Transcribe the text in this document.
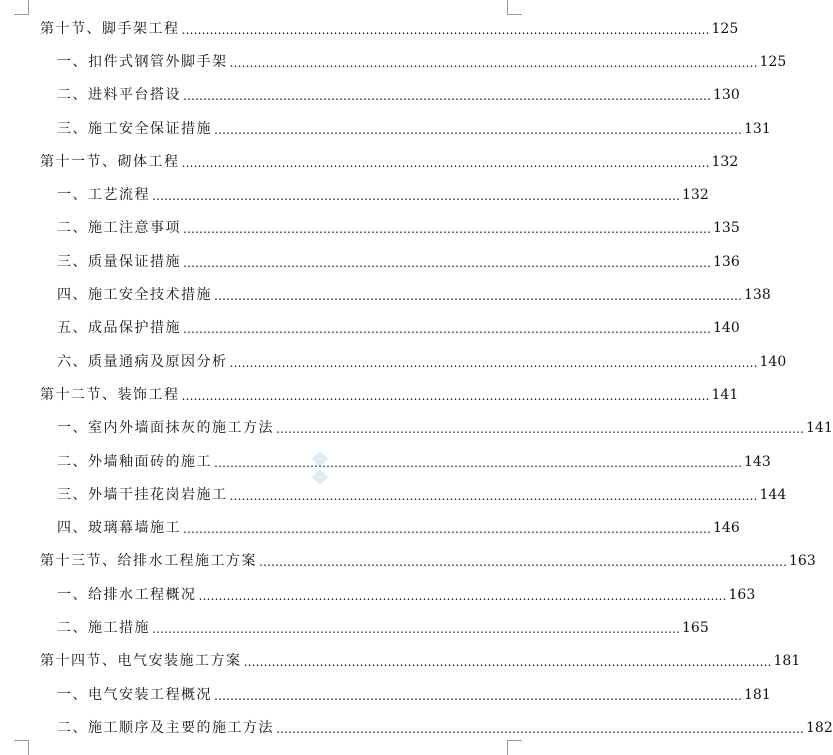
第十节、脚手架工程 …………………………………………………………………………………………………………………… 125
一、扣件式钢管外脚手架 …………………………………………………………………………………………………………………… 125
二、进料平台搭设 …………………………………………………………………………………………………………………… 130
三、施工安全保证措施 …………………………………………………………………………………………………………………… 131
第十一节、砌体工程 …………………………………………………………………………………………………………………… 132
一、工艺流程 …………………………………………………………………………………………………………………… 132
二、施工注意事项 …………………………………………………………………………………………………………………… 135
三、质量保证措施 …………………………………………………………………………………………………………………… 136
四、施工安全技术措施 …………………………………………………………………………………………………………………… 138
五、成品保护措施 …………………………………………………………………………………………………………………… 140
六、质量通病及原因分析 …………………………………………………………………………………………………………………… 140
第十二节、装饰工程 …………………………………………………………………………………………………………………… 141
一、室内外墙面抹灰的施工方法 …………………………………………………………………………………………………………………… 141
二、外墙釉面砖的施工 …………………………………………………………………………………………………………………… 143
三、外墙干挂花岗岩施工 …………………………………………………………………………………………………………………… 144
四、玻璃幕墙施工 …………………………………………………………………………………………………………………… 146
第十三节、给排水工程施工方案 …………………………………………………………………………………………………………………… 163
一、给排水工程概况 …………………………………………………………………………………………………………………… 163
二、施工措施 …………………………………………………………………………………………………………………… 165
第十四节、电气安装施工方案 …………………………………………………………………………………………………………………… 181
一、电气安装工程概况 …………………………………………………………………………………………………………………… 181
二、施工顺序及主要的施工方法 …………………………………………………………………………………………………………………… 182
